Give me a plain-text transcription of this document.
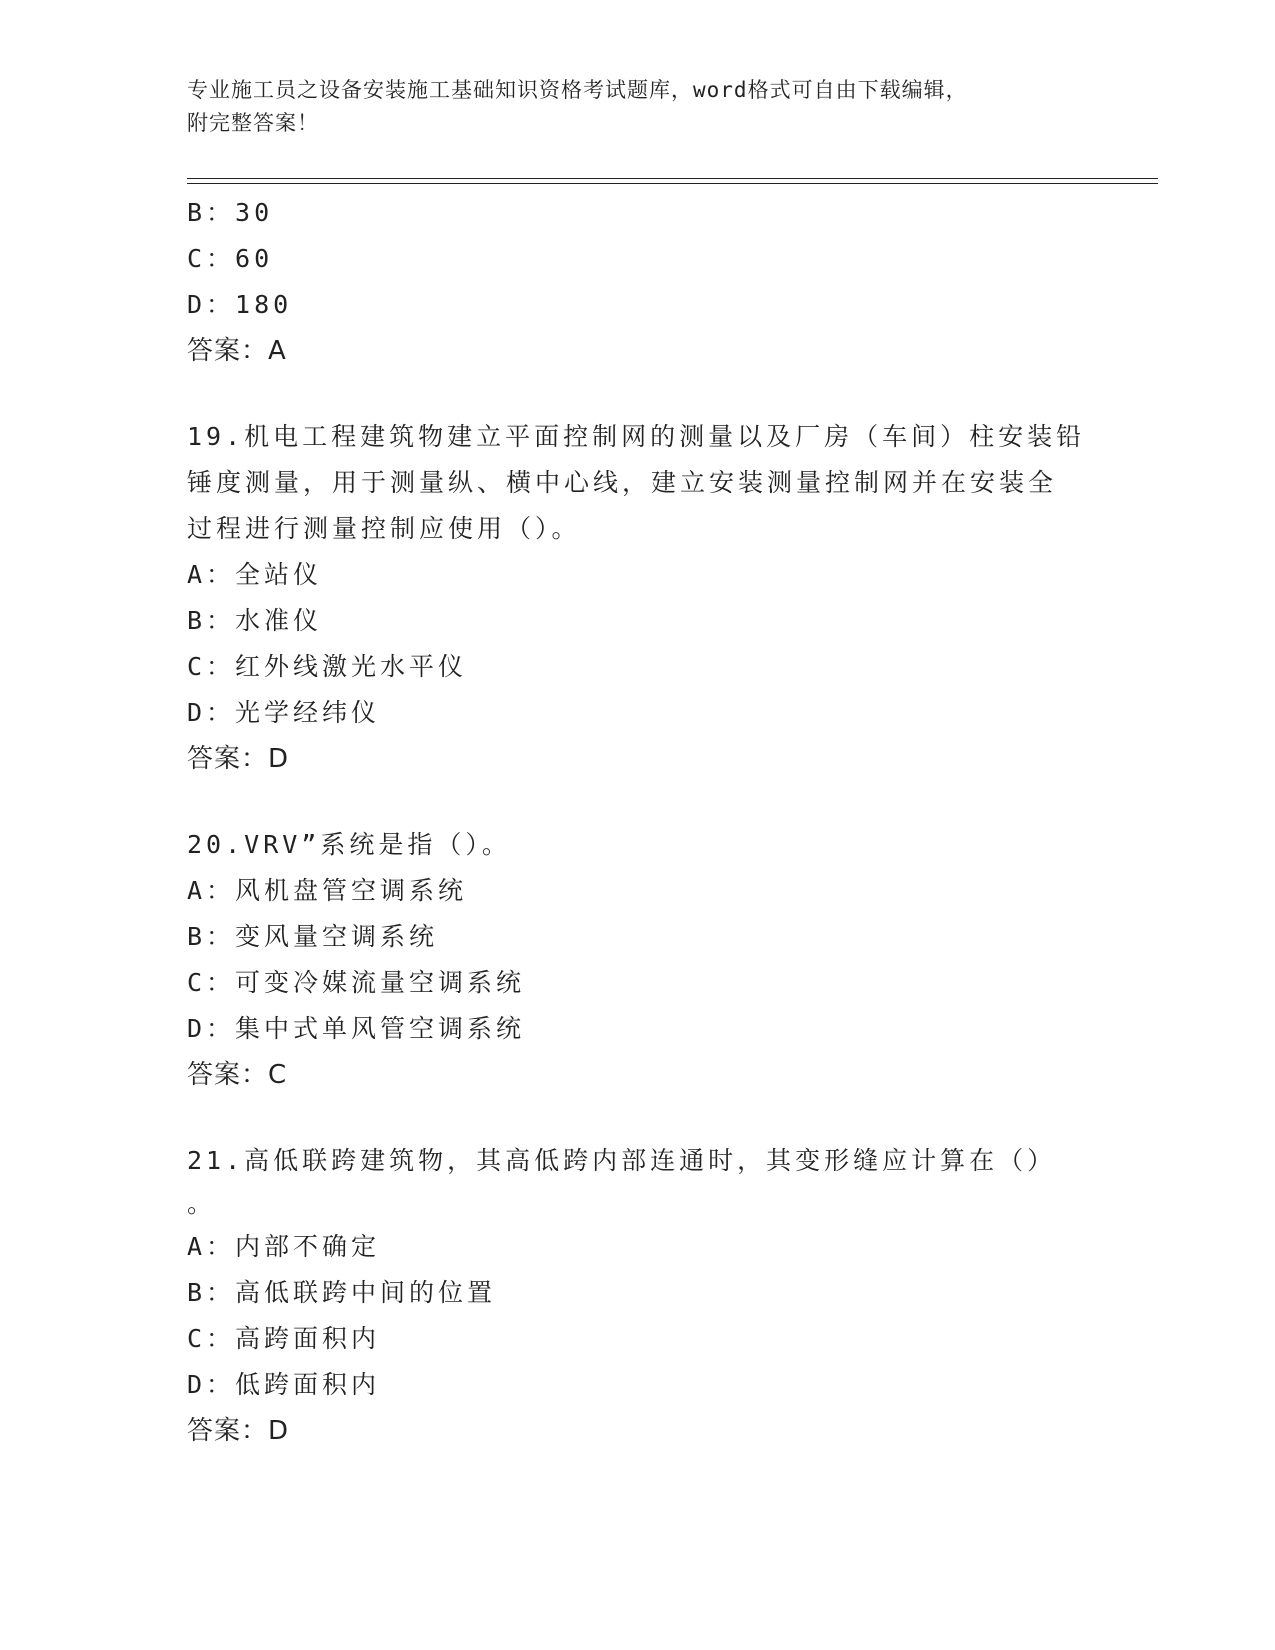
专业施工员之设备安装施工基础知识资格考试题库，word格式可自由下载编辑，
附完整答案！
B：30
C：60
D：180
答案：A
19.机电工程建筑物建立平面控制网的测量以及厂房（车间）柱安装铅
锤度测量，用于测量纵、横中心线，建立安装测量控制网并在安装全
过程进行测量控制应使用（）。
A：全站仪
B：水准仪
C：红外线激光水平仪
D：光学经纬仪
答案：D
20.VRV”系统是指（）。
A：风机盘管空调系统
B：变风量空调系统
C：可变冷媒流量空调系统
D：集中式单风管空调系统
答案：C
21.高低联跨建筑物，其高低跨内部连通时，其变形缝应计算在（）
。
A：内部不确定
B：高低联跨中间的位置
C：高跨面积内
D：低跨面积内
答案：D
